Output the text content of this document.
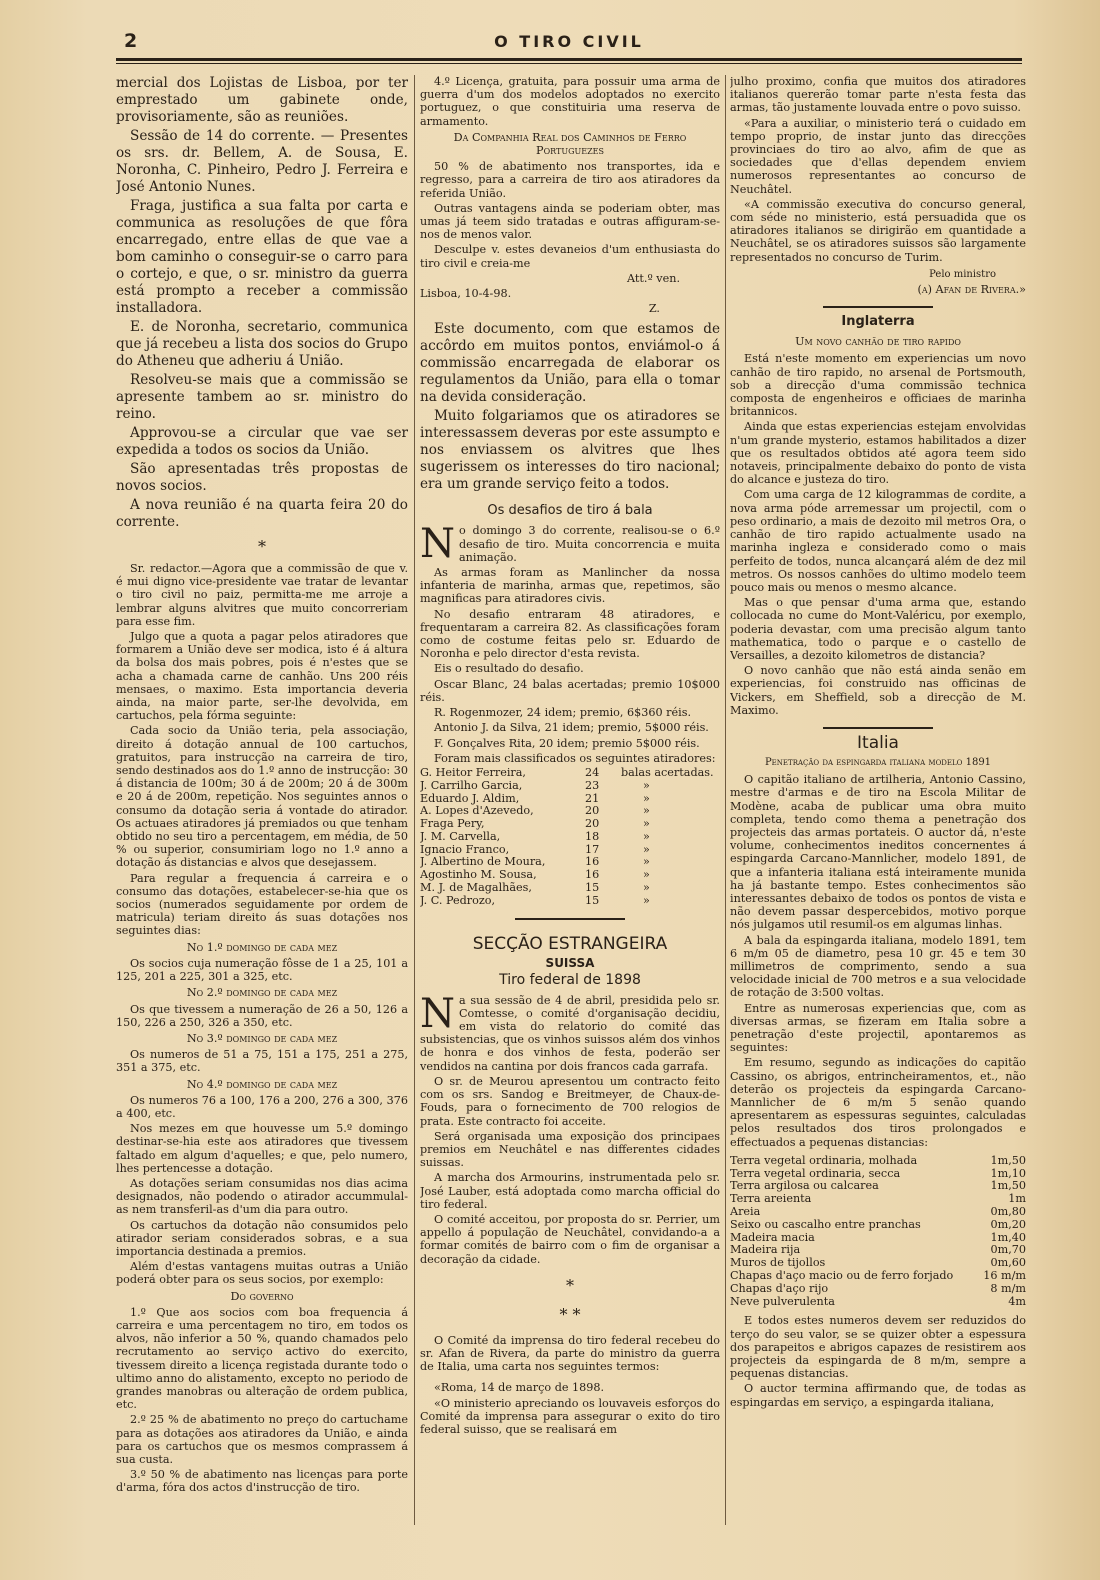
2	O TIRO CIVIL

mercial dos Lojistas de Lisboa, por ter emprestado um gabinete onde, provisoriamente, são as reuniões.

Sessão de 14 do corrente. — Presentes os srs. dr. Bellem, A. de Sousa, E. Noronha, C. Pinheiro, Pedro J. Ferreira e José Antonio Nunes.

Fraga, justifica a sua falta por carta e communica as resoluções de que fôra encarregado, entre ellas de que vae a bom caminho o conseguir-se o carro para o cortejo, e que, o sr. ministro da guerra está prompto a receber a commissão installadora.

E. de Noronha, secretario, communica que já recebeu a lista dos socios do Grupo do Atheneu que adheriu á União.

Resolveu-se mais que a commissão se apresente tambem ao sr. ministro do reino.

Approvou-se a circular que vae ser expedida a todos os socios da União.

São apresentadas três propostas de novos socios.

A nova reunião é na quarta feira 20 do corrente.

*

Sr. redactor.—Agora que a commissão de que v. é mui digno vice-presidente vae tratar de levantar o tiro civil no paiz, permitta-me me arroje a lembrar alguns alvitres que muito concorreriam para esse fim.

Julgo que a quota a pagar pelos atiradores que formarem a União deve ser modica, isto é á altura da bolsa dos mais pobres, pois é n'estes que se acha a chamada carne de canhão. Uns 200 réis mensaes, o maximo. Esta importancia deveria ainda, na maior parte, ser-lhe devolvida, em cartuchos, pela fórma seguinte:

Cada socio da União teria, pela associação, direito á dotação annual de 100 cartuchos, gratuitos, para instrucção na carreira de tiro, sendo destinados aos do 1.º anno de instrucção: 30 á distancia de 100m; 30 á de 200m; 20 á de 300m e 20 á de 200m, repetição. Nos seguintes annos o consumo da dotação seria á vontade do atirador. Os actuaes atiradores já premiados ou que tenham obtido no seu tiro a percentagem, em média, de 50 % ou superior, consumiriam logo no 1.º anno a dotação ás distancias e alvos que desejassem.

Para regular a frequencia á carreira e o consumo das dotações, estabelecer-se-hia que os socios (numerados seguidamente por ordem de matricula) teriam direito ás suas dotações nos seguintes dias:

No 1.º domingo de cada mez

Os socios cuja numeração fôsse de 1 a 25, 101 a 125, 201 a 225, 301 a 325, etc.

No 2.º domingo de cada mez

Os que tivessem a numeração de 26 a 50, 126 a 150, 226 a 250, 326 a 350, etc.

No 3.º domingo de cada mez

Os numeros de 51 a 75, 151 a 175, 251 a 275, 351 a 375, etc.

No 4.º domingo de cada mez

Os numeros 76 a 100, 176 a 200, 276 a 300, 376 a 400, etc.

Nos mezes em que houvesse um 5.º domingo destinar-se-hia este aos atiradores que tivessem faltado em algum d'aquelles; e que, pelo numero, lhes pertencesse a dotação.

As dotações seriam consumidas nos dias acima designados, não podendo o atirador accummulal-as nem transferil-as d'um dia para outro.

Os cartuchos da dotação não consumidos pelo atirador seriam considerados sobras, e a sua importancia destinada a premios.

Além d'estas vantagens muitas outras a União poderá obter para os seus socios, por exemplo:

Do governo

1.º Que aos socios com boa frequencia á carreira e uma percentagem no tiro, em todos os alvos, não inferior a 50 %, quando chamados pelo recrutamento ao serviço activo do exercito, tivessem direito a licença registada durante todo o ultimo anno do alistamento, excepto no periodo de grandes manobras ou alteração de ordem publica, etc.

2.º 25 % de abatimento no preço do cartuchame para as dotações aos atiradores da União, e ainda para os cartuchos que os mesmos comprassem á sua custa.

3.º 50 % de abatimento nas licenças para porte d'arma, fóra dos actos d'instrucção de tiro.

4.º Licença, gratuita, para possuir uma arma de guerra d'um dos modelos adoptados no exercito portuguez, o que constituiria uma reserva de armamento.

Da Companhia Real dos Caminhos de Ferro Portuguezes

50 % de abatimento nos transportes, ida e regresso, para a carreira de tiro aos atiradores da referida União.

Outras vantagens ainda se poderiam obter, mas umas já teem sido tratadas e outras affiguram-se-nos de menos valor.

Desculpe v. estes devaneios d'um enthusiasta do tiro civil e creia-me

Att.º ven.

Lisboa, 10-4-98.

Z.

Este documento, com que estamos de accôrdo em muitos pontos, enviámol-o á commissão encarregada de elaborar os regulamentos da União, para ella o tomar na devida consideração.

Muito folgariamos que os atiradores se interessassem deveras por este assumpto e nos enviassem os alvitres que lhes sugerissem os interesses do tiro nacional; era um grande serviço feito a todos.

Os desafios de tiro á bala

No domingo 3 do corrente, realisou-se o 6.º desafio de tiro. Muita concorrencia e muita animação.

As armas foram as Manlincher da nossa infanteria de marinha, armas que, repetimos, são magnificas para atiradores civis.

No desafio entraram 48 atiradores, e frequentaram a carreira 82. As classificações foram como de costume feitas pelo sr. Eduardo de Noronha e pelo director d'esta revista.

Eis o resultado do desafio.

Oscar Blanc, 24 balas acertadas; premio 10$000 réis.

R. Rogenmozer, 24 idem; premio, 6$360 réis.

Antonio J. da Silva, 21 idem; premio, 5$000 réis.

F. Gonçalves Rita, 20 idem; premio 5$000 réis.

Foram mais classificados os seguintes atiradores:

G. Heitor Ferreira,	24	balas acertadas.
J. Carrilho Garcia,	23	»
Eduardo J. Aldim,	21	»
A. Lopes d'Azevedo,	20	»
Fraga Pery,	20	»
J. M. Carvella,	18	»
Ignacio Franco,	17	»
J. Albertino de Moura,	16	»
Agostinho M. Sousa,	16	»
M. J. de Magalhães,	15	»
J. C. Pedrozo,	15	»
SECÇÃO ESTRANGEIRA
SUISSA
Tiro federal de 1898

Na sua sessão de 4 de abril, presidida pelo sr. Comtesse, o comité d'organisação decidiu, em vista do relatorio do comité das subsistencias, que os vinhos suissos além dos vinhos de honra e dos vinhos de festa, poderão ser vendidos na cantina por dois francos cada garrafa.

O sr. de Meurou apresentou um contracto feito com os srs. Sandog e Breitmeyer, de Chaux-de-Fouds, para o fornecimento de 700 relogios de prata. Este contracto foi acceite.

Será organisada uma exposição dos principaes premios em Neuchâtel e nas differentes cidades suissas.

A marcha dos Armourins, instrumentada pelo sr. José Lauber, está adoptada como marcha official do tiro federal.

O comité acceitou, por proposta do sr. Perrier, um appello á população de Neuchâtel, convidando-a a formar comités de bairro com o fim de organisar a decoração da cidade.

*

* *

O Comité da imprensa do tiro federal recebeu do sr. Afan de Rivera, da parte do ministro da guerra de Italia, uma carta nos seguintes termos:

«Roma, 14 de março de 1898.

«O ministerio apreciando os louvaveis esforços do Comité da imprensa para assegurar o exito do tiro federal suisso, que se realisará em

julho proximo, confia que muitos dos atiradores italianos quererão tomar parte n'esta festa das armas, tão justamente louvada entre o povo suisso.

«Para a auxiliar, o ministerio terá o cuidado em tempo proprio, de instar junto das direcções provinciaes do tiro ao alvo, afim de que as sociedades que d'ellas dependem enviem numerosos representantes ao concurso de Neuchâtel.

«A commissão executiva do concurso general, com séde no ministerio, está persuadida que os atiradores italianos se dirigirão em quantidade a Neuchâtel, se os atiradores suissos são largamente representados no concurso de Turim.

Pelo ministro

(a) Afan de Rivera.»

Inglaterra

Um novo canhão de tiro rapido

Está n'este momento em experiencias um novo canhão de tiro rapido, no arsenal de Portsmouth, sob a direcção d'uma commissão technica composta de engenheiros e officiaes de marinha britannicos.

Ainda que estas experiencias estejam envolvidas n'um grande mysterio, estamos habilitados a dizer que os resultados obtidos até agora teem sido notaveis, principalmente debaixo do ponto de vista do alcance e justeza do tiro.

Com uma carga de 12 kilogrammas de cordite, a nova arma póde arremessar um projectil, com o peso ordinario, a mais de dezoito mil metros Ora, o canhão de tiro rapido actualmente usado na marinha ingleza e considerado como o mais perfeito de todos, nunca alcançará além de dez mil metros. Os nossos canhões do ultimo modelo teem pouco mais ou menos o mesmo alcance.

Mas o que pensar d'uma arma que, estando collocada no cume do Mont-Valéricu, por exemplo, poderia devastar, com uma precisão algum tanto mathematica, todo o parque e o castello de Versailles, a dezoito kilometros de distancia?

O novo canhão que não está ainda senão em experiencias, foi construido nas officinas de Vickers, em Sheffield, sob a direcção de M. Maximo.

Italia

Penetração da espingarda italiana modelo 1891

O capitão italiano de artilheria, Antonio Cassino, mestre d'armas e de tiro na Escola Militar de Modène, acaba de publicar uma obra muito completa, tendo como thema a penetração dos projecteis das armas portateis. O auctor dá, n'este volume, conhecimentos ineditos concernentes á espingarda Carcano-Mannlicher, modelo 1891, de que a infanteria italiana está inteiramente munida ha já bastante tempo. Estes conhecimentos são interessantes debaixo de todos os pontos de vista e não devem passar despercebidos, motivo porque nós julgamos util resumil-os em algumas linhas.

A bala da espingarda italiana, modelo 1891, tem 6 m/m 05 de diametro, pesa 10 gr. 45 e tem 30 millimetros de comprimento, sendo a sua velocidade inicial de 700 metros e a sua velocidade de rotação de 3:500 voltas.

Entre as numerosas experiencias que, com as diversas armas, se fizeram em Italia sobre a penetração d'este projectil, apontaremos as seguintes:

Em resumo, segundo as indicações do capitão Cassino, os abrigos, entrincheiramentos, et., não deterão os projecteis da espingarda Carcano-Mannlicher de 6 m/m 5 senão quando apresentarem as espessuras seguintes, calculadas pelos resultados dos tiros prolongados e effectuados a pequenas distancias:

Terra vegetal ordinaria, molhada	1m,50
Terra vegetal ordinaria, secca	1m,10
Terra argilosa ou calcarea	1m,50
Terra areienta	1m
Areia	0m,80
Seixo ou cascalho entre pranchas	0m,20
Madeira macia	1m,40
Madeira rija	0m,70
Muros de tijollos	0m,60
Chapas d'aço macio ou de ferro forjado	16 m/m
Chapas d'aço rijo	8 m/m
Neve pulverulenta	4m

E todos estes numeros devem ser reduzidos do terço do seu valor, se se quizer obter a espessura dos parapeitos e abrigos capazes de resistirem aos projecteis da espingarda de 8 m/m, sempre a pequenas distancias.

O auctor termina affirmando que, de todas as espingardas em serviço, a espingarda italiana,
